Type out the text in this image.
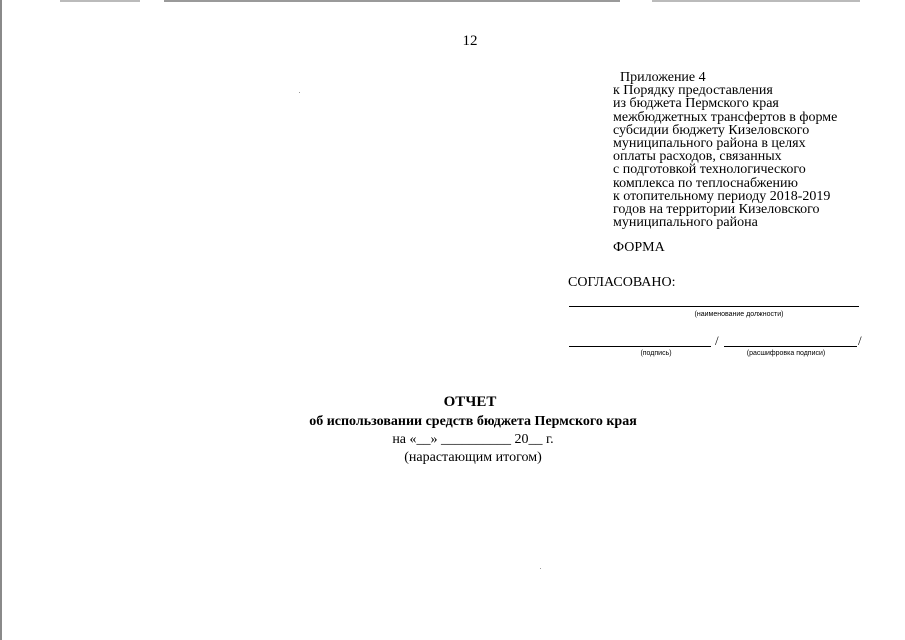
12
Приложение 4
к Порядку предоставления
из бюджета Пермского края
межбюджетных трансфертов в форме
субсидии бюджету Кизеловского
муниципального района в целях
оплаты расходов, связанных
с подготовкой технологического
комплекса по теплоснабжению
к отопительному периоду 2018-2019
годов на территории Кизеловского
муниципального района
ФОРМА
СОГЛАСОВАНО:
(наименование должности)
/	/
(подпись)	(расшифровка подписи)
ОТЧЕТ
об использовании средств бюджета Пермского края
на «__» __________ 20__ г.
(нарастающим итогом)
